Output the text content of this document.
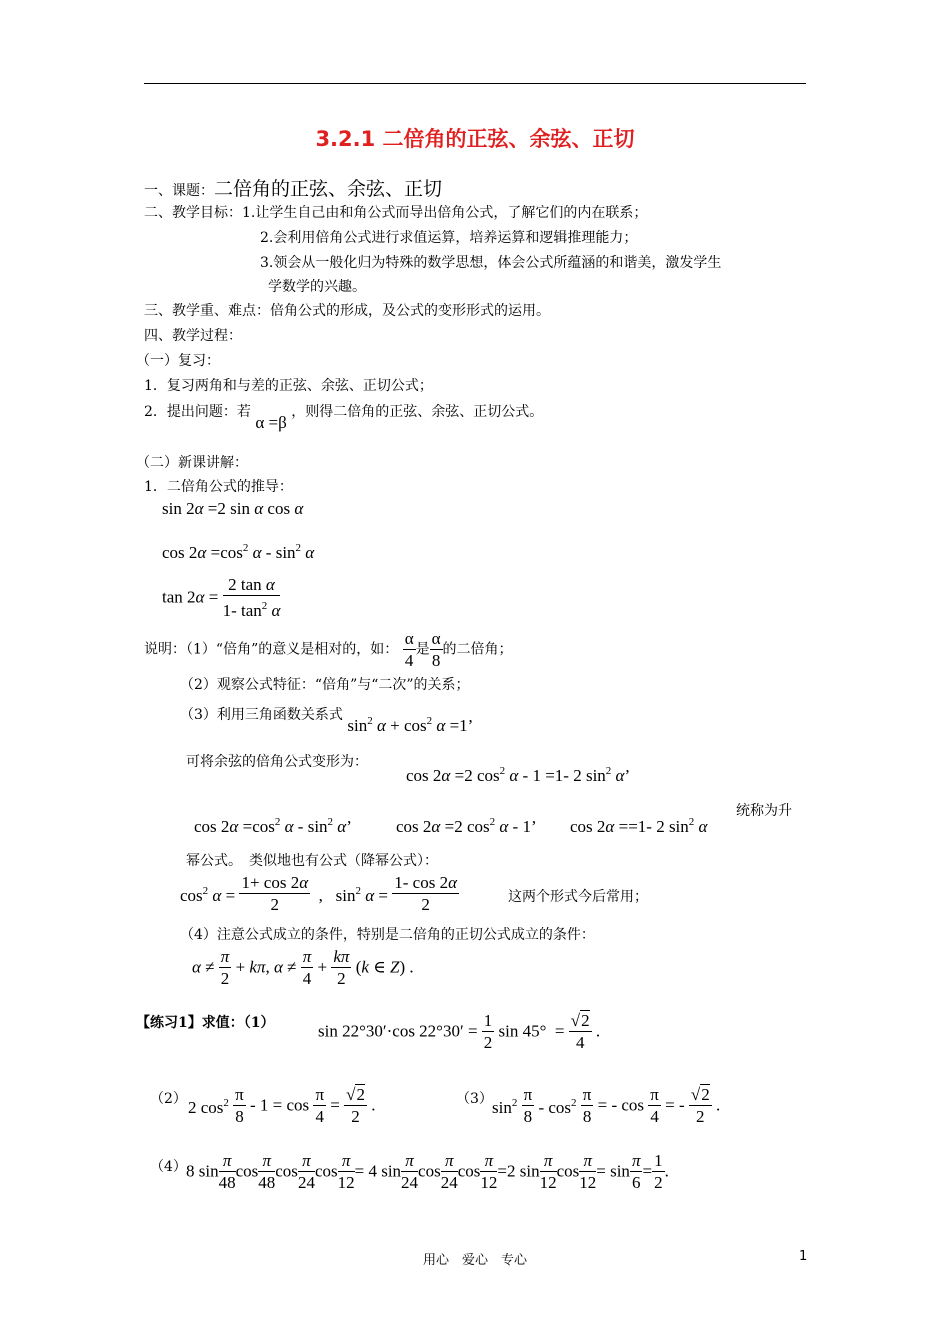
3.2.1 二倍角的正弦、余弦、正切
一、课题：二倍角的正弦、余弦、正切
二、教学目标：1.让学生自己由和角公式而导出倍角公式，了解它们的内在联系；
2.会利用倍角公式进行求值运算，培养运算和逻辑推理能力；
3.领会从一般化归为特殊的数学思想，体会公式所蕴涵的和谐美，激发学生
学数学的兴趣。
三、教学重、难点：倍角公式的形成，及公式的变形形式的运用。
四、教学过程：
（一）复习：
1．复习两角和与差的正弦、余弦、正切公式；
2．提出问题：若 α =β ，则得二倍角的正弦、余弦、正切公式。
（二）新课讲解：
1．二倍角公式的推导：
sin 2α =2 sin α cos α
$\cos 2\alpha =\cos^2$ α - $\sin^2 \alpha$
$\tan 2\alpha = \frac{\text{2 tan α}}{1- \tan^2 \alpha}$
说明：（1）“倍角”的意义是相对的，如： $\frac{\alpha}{4}$ 是 $\frac{\alpha}{8}$ 的二倍角；
（2）观察公式特征：“倍角”与“二次”的关系；
（3）利用三角函数关系式 $\sin^2 \alpha + \cos^2 \alpha =1$’
可将余弦的倍角公式变形为：
cos 2α =2 $\cos^2 \alpha - 1 =1-$ 2 $\sin^2 \alpha$’
$\cos 2\alpha =\cos^2$ α - $\sin^2 \alpha$’	cos 2α =2 $\cos^2 \alpha - 1$’ cos 2α ==1- 2 $\sin^2 \alpha$
统称为升
幂公式。　类似地也有公式（降幂公式）：
$\cos^2 \alpha = \frac{1+ \cos 2\alpha}{2}$ ,   $\sin^2 \alpha = \frac{1- \cos 2\alpha}{2}$	这两个形式今后常用；
（4）注意公式成立的条件，特别是二倍角的正切公式成立的条件：
$\alpha \ne \frac{\pi}{2} + k\pi$, $\alpha \ne \frac{\pi}{4} + \frac{k\pi}{2} (k$ ∈ Z) .
【练习1】求值：（1）	sin 22°30′·cos $22^\circ 30' = \frac{1}{2}$ $\sin 45^\circ = \frac{√2}{4}$ .
（2） 2 $\cos^2 \frac{\pi}{8} - 1 = \cos \frac{\pi}{4} = \frac{√2}{2}$ .	（3） $\sin^2 \frac{\pi}{8} - \cos^2 \frac{\pi}{8}$ = - $\cos \frac{\pi}{4}$ = - $\frac{√2}{2}$ .
（4） 8 $\sin \frac{\pi}{48}$ $\cos \frac{\pi}{48}$ $\cos \frac{\pi}{24}$ $\cos \frac{\pi}{12} = 4$ $\sin \frac{\pi}{24}$ $\cos \frac{\pi}{24}$ $\cos \frac{\pi}{12} =2$ $\sin \frac{\pi}{12}$ $\cos \frac{\pi}{12} = \sin \frac{\pi}{6} = \frac{1}{2}$ .
用心　爱心　专心	1
